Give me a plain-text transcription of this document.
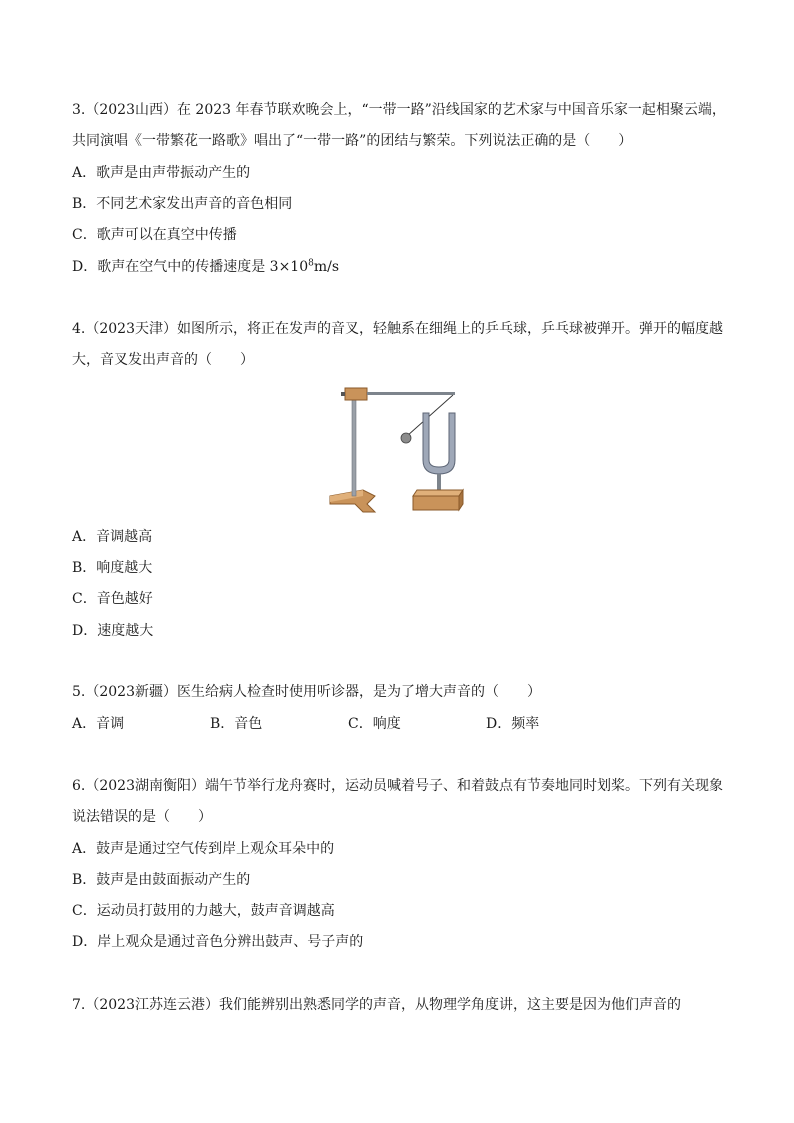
3.（2023山西）在 2023 年春节联欢晚会上，“一带一路”沿线国家的艺术家与中国音乐家一起相聚云端，
共同演唱《一带繁花一路歌》唱出了“一带一路”的团结与繁荣。下列说法正确的是（　　）
A．歌声是由声带振动产生的
B．不同艺术家发出声音的音色相同
C．歌声可以在真空中传播
D．歌声在空气中的传播速度是 $3\times 10^8m/s$
4.（2023天津）如图所示，将正在发声的音叉，轻触系在细绳上的乒乓球，乒乓球被弹开。弹开的幅度越
大，音叉发出声音的（　　）
A．音调越高
B．响度越大
C．音色越好
D．速度越大
5.（2023新疆）医生给病人检查时使用听诊器，是为了增大声音的（　　）
A．音调	B．音色	C．响度	D．频率
6.（2023湖南衡阳）端午节举行龙舟赛时，运动员喊着号子、和着鼓点有节奏地同时划桨。下列有关现象
说法错误的是（　　）
A．鼓声是通过空气传到岸上观众耳朵中的
B．鼓声是由鼓面振动产生的
C．运动员打鼓用的力越大，鼓声音调越高
D．岸上观众是通过音色分辨出鼓声、号子声的
7.（2023江苏连云港）我们能辨别出熟悉同学的声音，从物理学角度讲，这主要是因为他们声音的
